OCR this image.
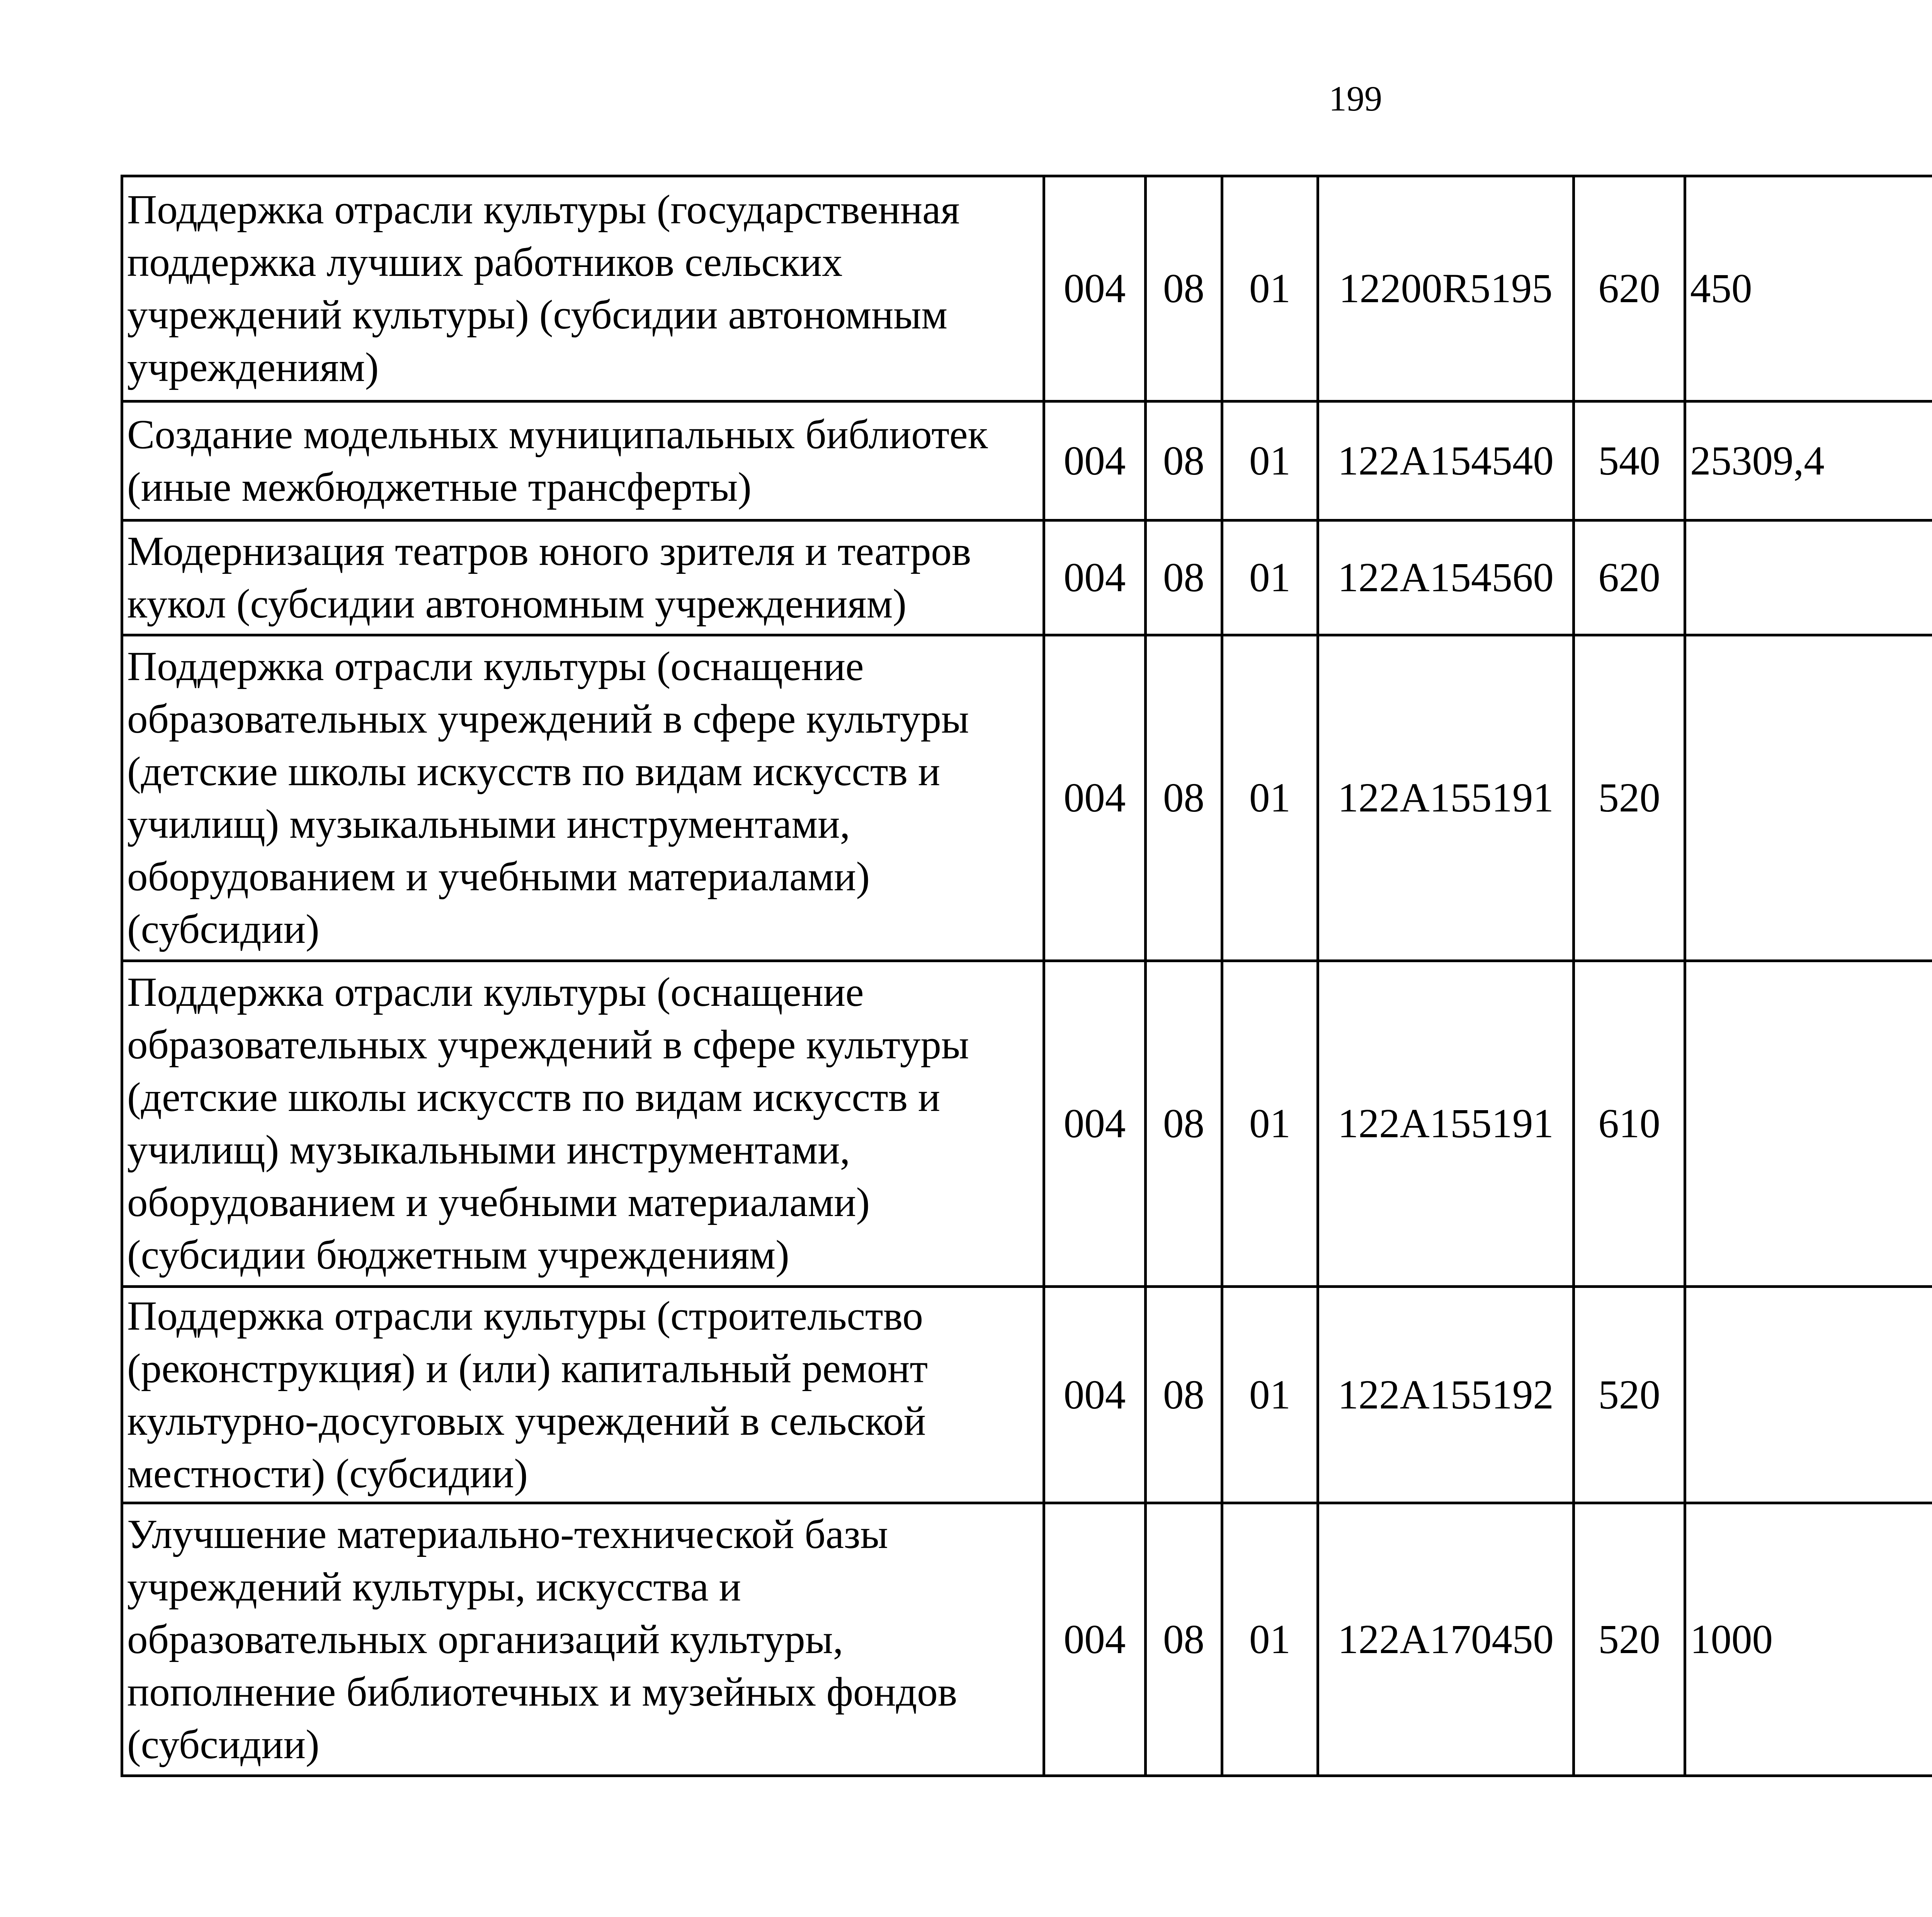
199
Поддержка отрасли культуры (государственная поддержка лучших работников сельских учреждений культуры) (субсидии автономным учреждениям)	004	08	01	12200R5195	620	450		
Создание модельных муниципальных библиотек (иные межбюджетные трансферты)	004	08	01	122A154540	540	25309,4		
Модернизация театров юного зрителя и театров кукол (субсидии автономным учреждениям)	004	08	01	122A154560	620			
Поддержка отрасли культуры (оснащение образовательных учреждений в сфере культуры (детские школы искусств по видам искусств и училищ) музыкальными инструментами, оборудованием и учебными материалами) (субсидии)	004	08	01	122A155191	520			
Поддержка отрасли культуры (оснащение образовательных учреждений в сфере культуры (детские школы искусств по видам искусств и училищ) музыкальными инструментами, оборудованием и учебными материалами) (субсидии бюджетным учреждениям)	004	08	01	122A155191	610			
Поддержка отрасли культуры (строительство (реконструкция) и (или) капитальный ремонт культурно-досуговых учреждений в сельской местности) (субсидии)	004	08	01	122A155192	520			
Улучшение материально-технической базы учреждений культуры, искусства и образовательных организаций культуры, пополнение библиотечных и музейных фондов (субсидии)	004	08	01	122A170450	520	1000		
